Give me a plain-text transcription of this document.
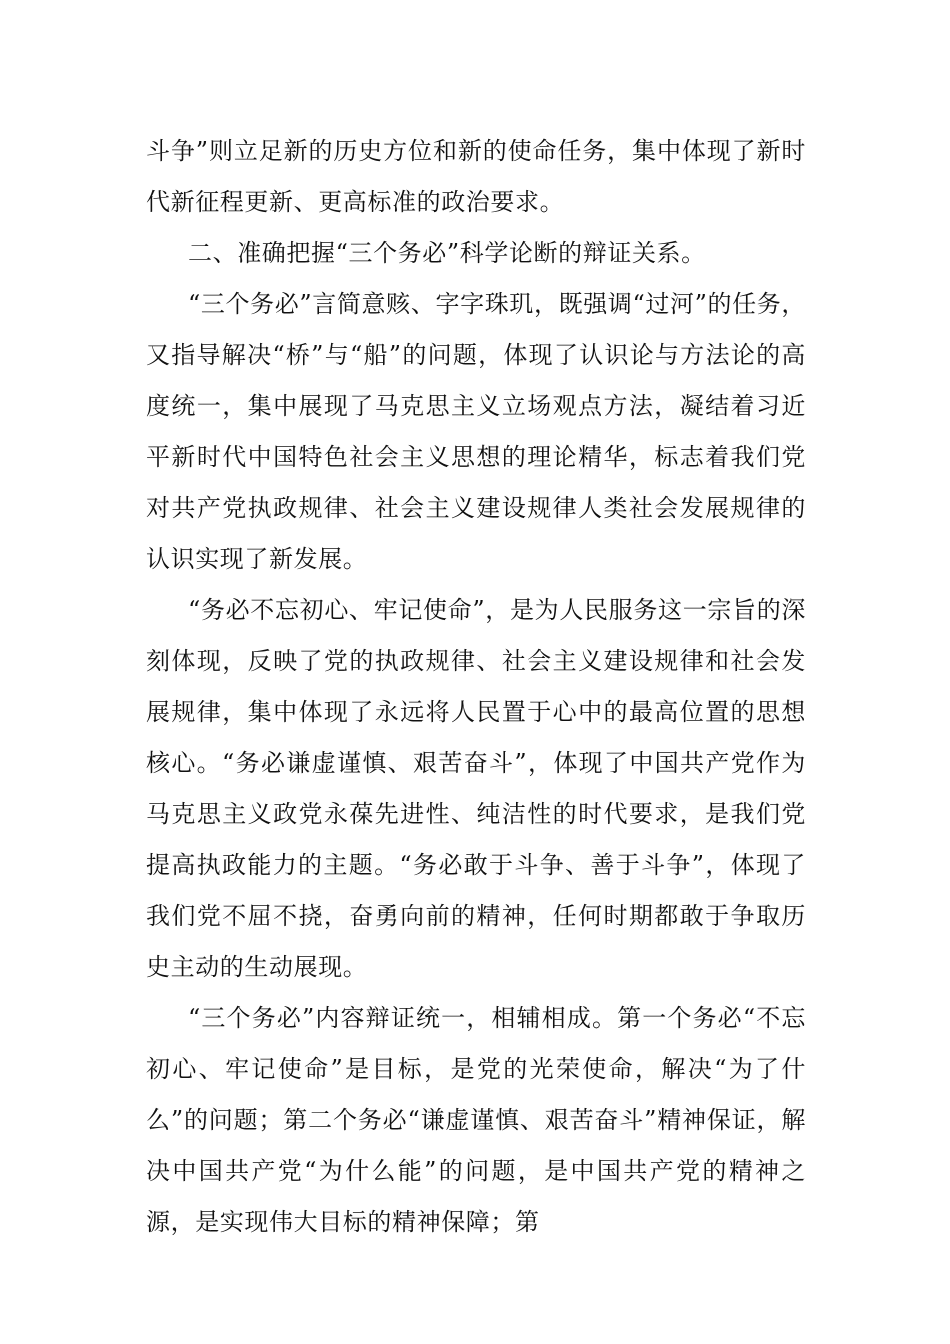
斗争”则立足新的历史方位和新的使命任务，集中体现了新时代新征程更新、更高标准的政治要求。

二、准确把握“三个务必”科学论断的辩证关系。

“三个务必”言简意赅、字字珠玑，既强调“过河”的任务，又指导解决“桥”与“船”的问题，体现了认识论与方法论的高度统一，集中展现了马克思主义立场观点方法，凝结着习近平新时代中国特色社会主义思想的理论精华，标志着我们党对共产党执政规律、社会主义建设规律人类社会发展规律的认识实现了新发展。

“务必不忘初心、牢记使命”，是为人民服务这一宗旨的深刻体现，反映了党的执政规律、社会主义建设规律和社会发展规律，集中体现了永远将人民置于心中的最高位置的思想核心。“务必谦虚谨慎、艰苦奋斗”，体现了中国共产党作为马克思主义政党永葆先进性、纯洁性的时代要求，是我们党提高执政能力的主题。“务必敢于斗争、善于斗争”，体现了我们党不屈不挠，奋勇向前的精神，任何时期都敢于争取历史主动的生动展现。

“三个务必”内容辩证统一，相辅相成。第一个务必“不忘初心、牢记使命”是目标，是党的光荣使命，解决“为了什么”的问题；第二个务必“谦虚谨慎、艰苦奋斗”精神保证，解决中国共产党“为什么能”的问题，是中国共产党的精神之源，是实现伟大目标的精神保障；第
